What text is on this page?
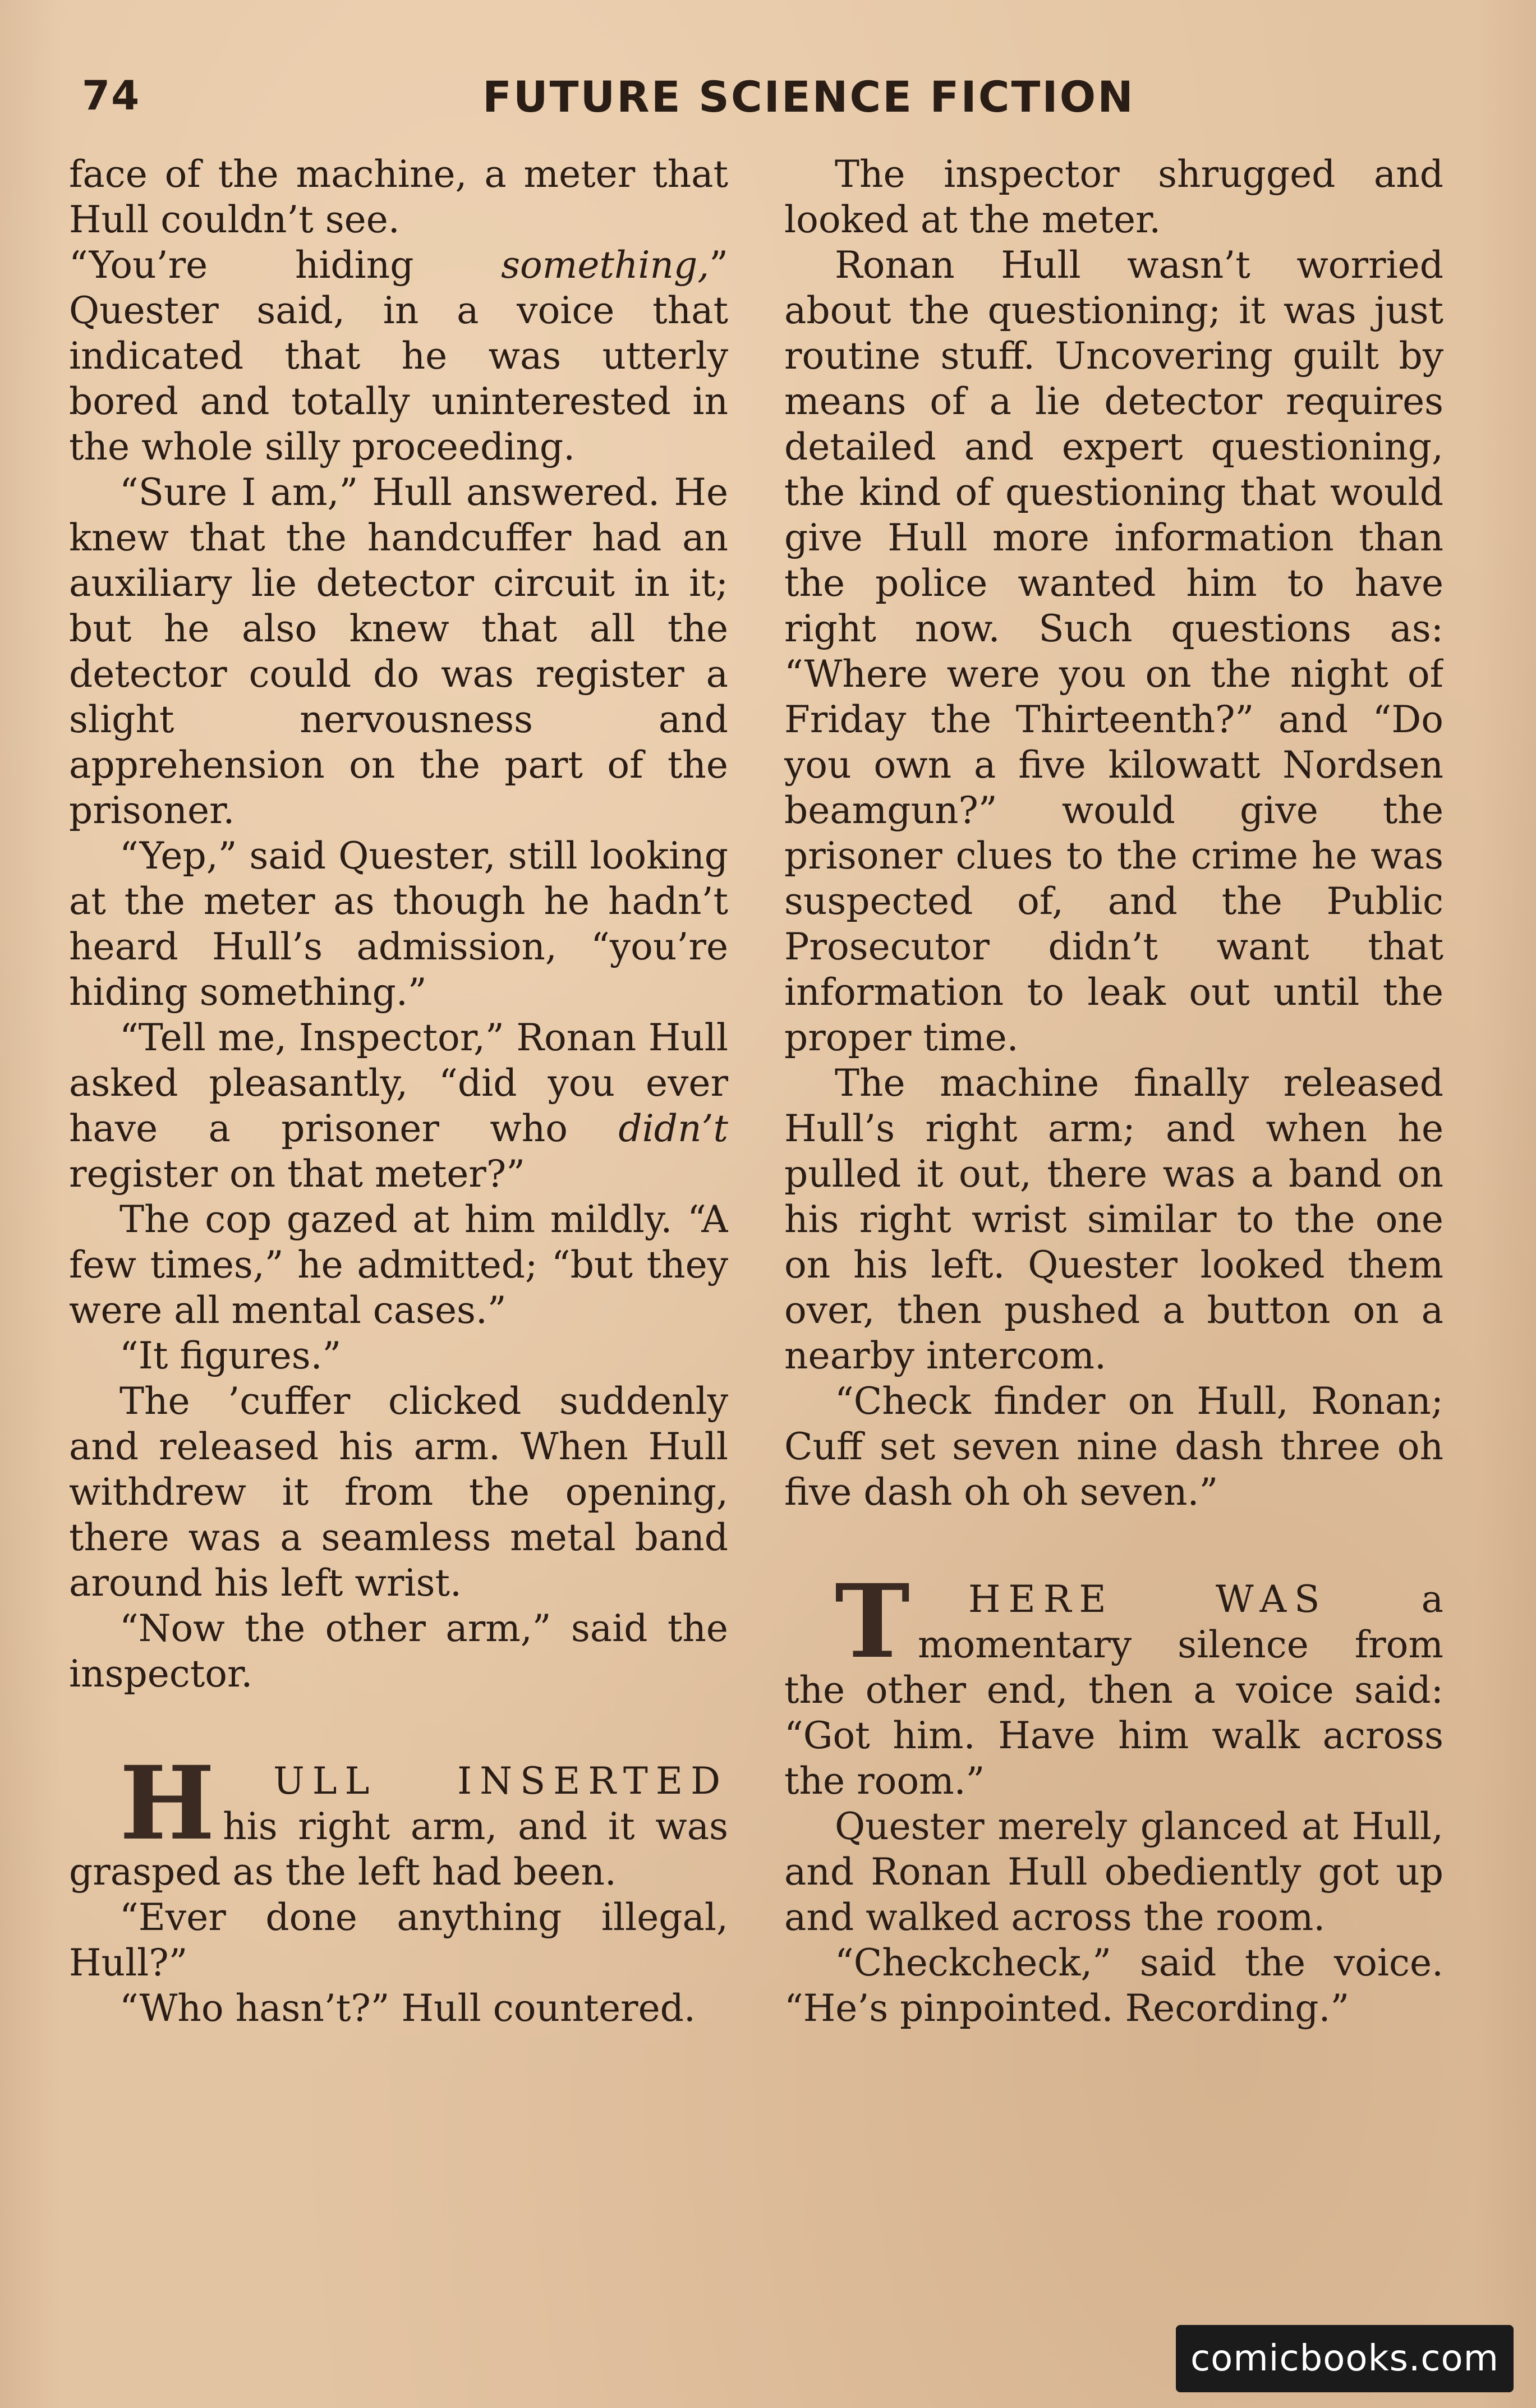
74	FUTURE SCIENCE FICTION

face of the machine, a meter that Hull couldn’t see.

“You’re hiding something,” Quester said, in a voice that indicated that he was utterly bored and totally uninterested in the whole silly proceeding.

“Sure I am,” Hull answered. He knew that the handcuffer had an auxiliary lie detector circuit in it; but he also knew that all the detector could do was register a slight nervousness and apprehension on the part of the prisoner.

“Yep,” said Quester, still looking at the meter as though he hadn’t heard Hull’s admission, “you’re hiding something.”

“Tell me, Inspector,” Ronan Hull asked pleasantly, “did you ever have a prisoner who didn’t register on that meter?”

The cop gazed at him mildly. “A few times,” he admitted; “but they were all mental cases.”

“It figures.”

The ’cuffer clicked suddenly and released his arm. When Hull withdrew it from the opening, there was a seamless metal band around his left wrist.

“Now the other arm,” said the inspector.

H ULL INSERTED his right arm, and it was grasped as the left had been.

“Ever done anything illegal, Hull?”

“Who hasn’t?” Hull countered.

The inspector shrugged and looked at the meter.

Ronan Hull wasn’t worried about the questioning; it was just routine stuff. Uncovering guilt by means of a lie detector requires detailed and expert questioning, the kind of questioning that would give Hull more information than the police wanted him to have right now. Such questions as: “Where were you on the night of Friday the Thirteenth?” and “Do you own a five kilowatt Nordsen beamgun?” would give the prisoner clues to the crime he was suspected of, and the Public Prosecutor didn’t want that information to leak out until the proper time.

The machine finally released Hull’s right arm; and when he pulled it out, there was a band on his right wrist similar to the one on his left. Quester looked them over, then pushed a button on a nearby intercom.

“Check finder on Hull, Ronan; Cuff set seven nine dash three oh five dash oh oh seven.”

T HERE WAS a momentary silence from the other end, then a voice said: “Got him. Have him walk across the room.”

Quester merely glanced at Hull, and Ronan Hull obediently got up and walked across the room.

“Checkcheck,” said the voice. “He’s pinpointed. Recording.”

comicbooks.com
